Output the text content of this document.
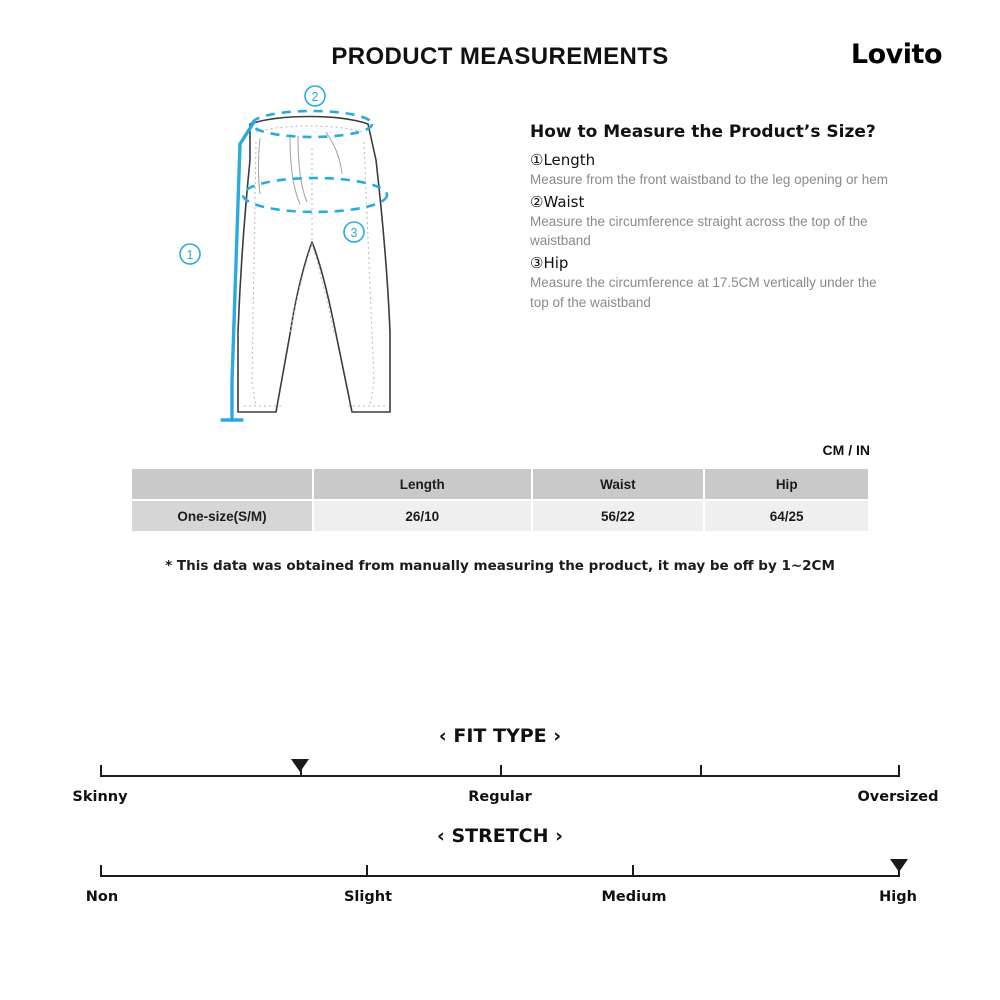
PRODUCT MEASUREMENTS	Lovito
2
3
1
How to Measure the Product’s Size?
①Length
Measure from the front waistband to the leg opening or hem
②Waist
Measure the circumference straight across the top of the waistband
③Hip
Measure the circumference at 17.5CM vertically under the top of the waistband
CM / IN
	Length	Waist	Hip
One-size(S/M)	26/10	56/22	64/25
* This data was obtained from manually measuring the product, it may be off by 1~2CM
‹ FIT TYPE ›
Skinny	Regular	Oversized
‹ STRETCH ›
Non	Slight	Medium	High
